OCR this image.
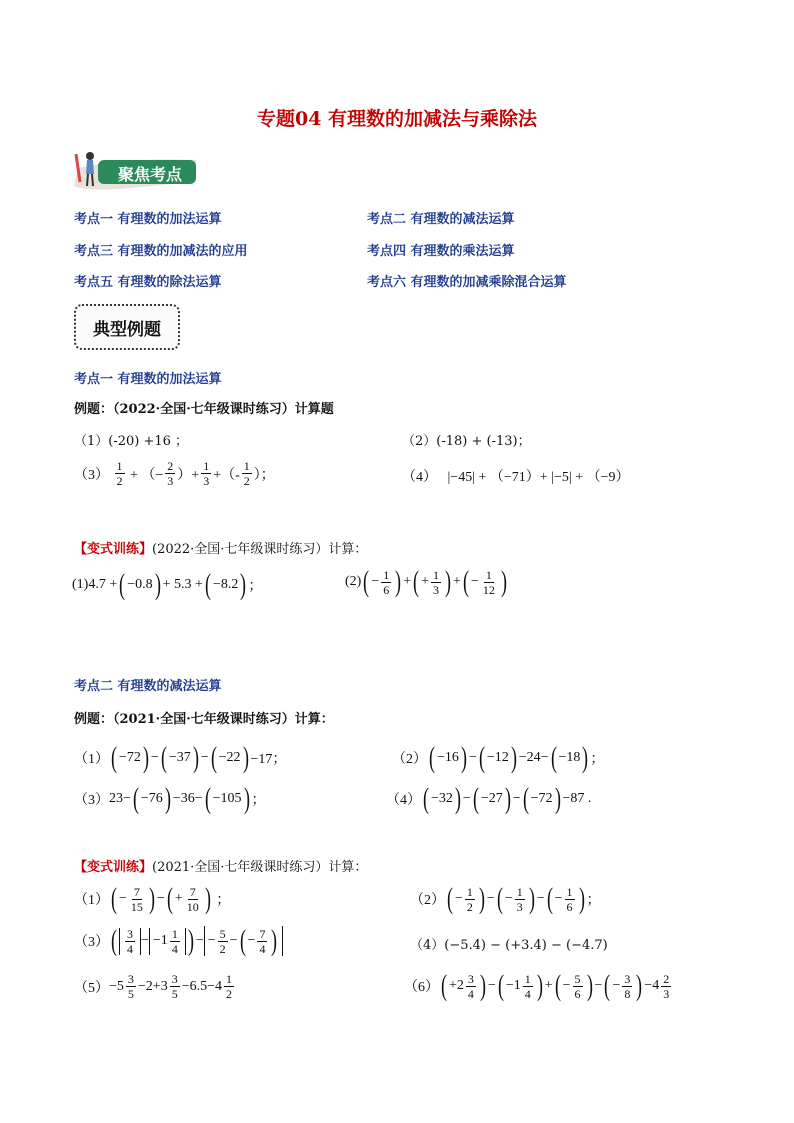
专题04 有理数的加减法与乘除法
聚焦考点
考点一 有理数的加法运算	考点二 有理数的减法运算
考点三 有理数的加减法的应用	考点四 有理数的乘法运算
考点五 有理数的除法运算	考点六 有理数的加减乘除混合运算
典型例题
考点一 有理数的加法运算
例题：（2022·全国·七年级课时练习）计算题
（1）(-20) +16 ；	（2）(-18) + (-13)；
（3）
$\frac{1}{2}$ + （− $\frac{2}{3}$ ）+ $\frac{1}{3}$ +（- $\frac{1}{2}$ ）；	（4） |−45| + （−71）+ |−5| + （−9）
【变式训练】(2022·全国·七年级课时练习）计算：
(1) 4.7 + ( −0.8 ) + 5.3 + ( −8.2 ) ；	(2) ( − $\frac{1}{6}$
) + ( + $\frac{1}{3}$
) + ( − $\frac{1}{12}$
)
考点二 有理数的减法运算
例题：（2021·全国·七年级课时练习）计算：
（1） ( −72 ) − ( −37 ) − ( −22 ) −17；	（2） ( −16 ) − ( −12 ) −24− ( −18 ) ；
（3） 23− ( −76 ) −36− ( −105 ) ；	（4） ( −32 ) − ( −27 ) − ( −72 ) −87 .
【变式训练】(2021·全国·七年级课时练习）计算：
（1） ( − $\frac{7}{15}$
) − ( + $\frac{7}{10}$
) ；	（2） ( − $\frac{1}{2}$
) − ( − $\frac{1}{3}$
) − ( − $\frac{1}{6}$
) ；
（3） ( $\frac{3}{4} - -1 \frac{1}{4}$
) − − $\frac{5}{2}$ − ( − $\frac{7}{4}$
)	（4）(−5.4) − (+3.4) − (−4.7)
$(5) -5 \frac{3}{5} -2+3 \frac{3}{5} -6.5-4 \frac{1}{2}$	（6） ( $+2 \frac{3}{4}$
) − ( $-1 \frac{1}{4}$
) + ( − $\frac{5}{6}$
) − ( − $\frac{3}{8}$
) $-4 \frac{2}{3}$
